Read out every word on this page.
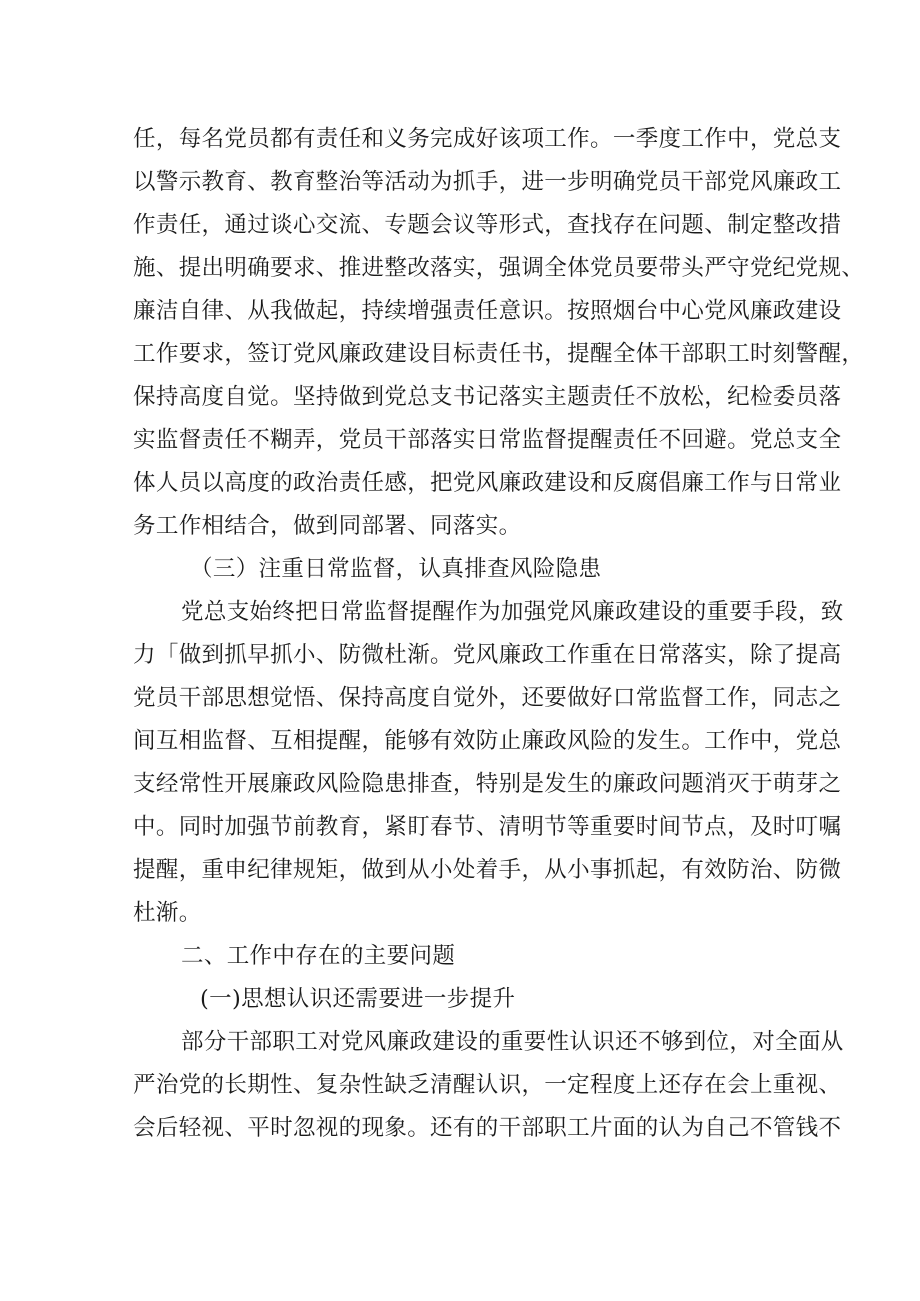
任，每名党员都有责任和义务完成好该项工作。一季度工作中，党总支
以警示教育、教育整治等活动为抓手，进一步明确党员干部党风廉政工
作责任，通过谈心交流、专题会议等形式，查找存在问题、制定整改措
施、提出明确要求、推进整改落实，强调全体党员要带头严守党纪党规、
廉洁自律、从我做起，持续增强责任意识。按照烟台中心党风廉政建设
工作要求，签订党风廉政建设目标责任书，提醒全体干部职工时刻警醒，
保持高度自觉。坚持做到党总支书记落实主题责任不放松，纪检委员落
实监督责任不糊弄，党员干部落实日常监督提醒责任不回避。党总支全
体人员以高度的政治责任感，把党风廉政建设和反腐倡廉工作与日常业
务工作相结合，做到同部署、同落实。
（三）注重日常监督，认真排查风险隐患
党总支始终把日常监督提醒作为加强党风廉政建设的重要手段，致
力「做到抓早抓小、防微杜渐。党风廉政工作重在日常落实，除了提高
党员干部思想觉悟、保持高度自觉外，还要做好口常监督工作，同志之
间互相监督、互相提醒，能够有效防止廉政风险的发生。工作中，党总
支经常性开展廉政风险隐患排查，特别是发生的廉政问题消灭于萌芽之
中。同时加强节前教育，紧盯春节、清明节等重要时间节点，及时叮嘱
提醒，重申纪律规矩，做到从小处着手，从小事抓起，有效防治、防微
杜渐。
二、工作中存在的主要问题
(一)思想认识还需要进一步提升
部分干部职工对党风廉政建设的重要性认识还不够到位，对全面从
严治党的长期性、复杂性缺乏清醒认识，一定程度上还存在会上重视、
会后轻视、平时忽视的现象。还有的干部职工片面的认为自己不管钱不
